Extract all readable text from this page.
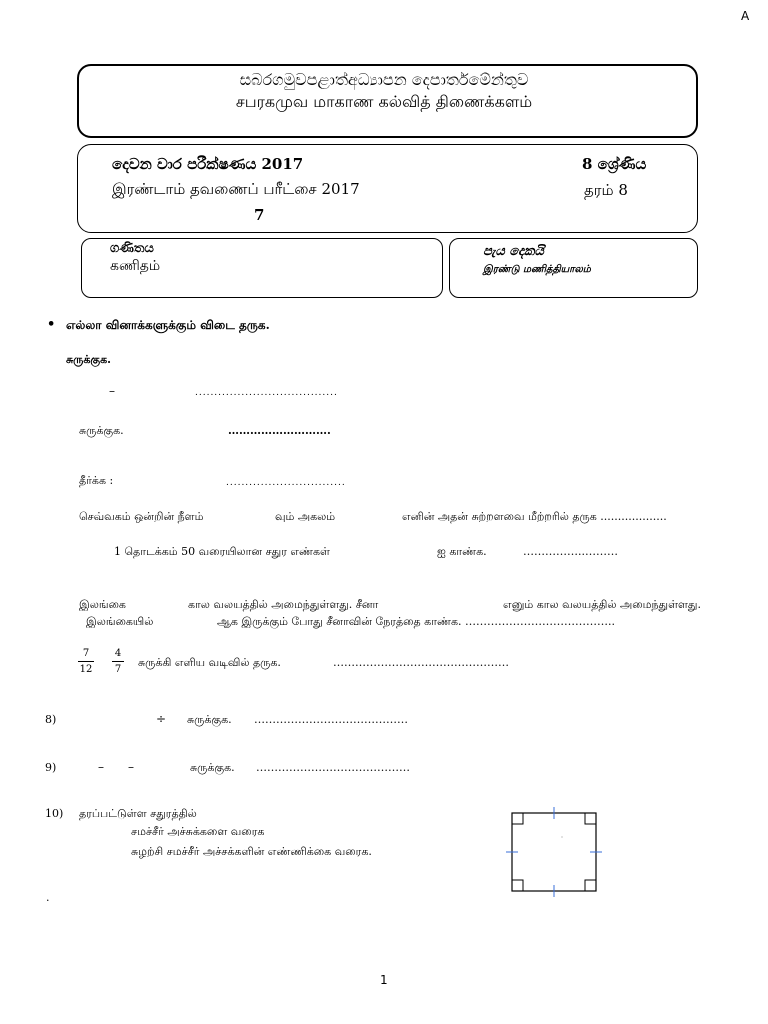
A
සබරගමුවපළාත්අධ්‍යාපන දෙපාර්තමේන්තුව
சபரகமுவ மாகாண கல்வித் திணைக்களம்
දෙවන වාර පරීක්ෂණය 2017
இரண்டாம் தவணைப் பரீட்சை 2017
7
8 ශ්‍රේණිය
தரம் 8
ගණිතය
கணிதம்
පැය දෙකයි
இரண்டு மணித்தியாலம்
• எல்லா வினாக்களுக்கும் விடை தருக.
சுருக்குக.
–	.....................................
சுருக்குக.	……………………….
தீர்க்க :	...............................
செவ்வகம் ஒன்றின் நீளம்	வும் அகலம்	எனின் அதன் சுற்றளவை மீற்றரில் தருக ...................
1 தொடக்கம் 50 வரையிலான சதுர எண்கள்	ஐ காண்க.	……………..………
இலங்கை	கால வலயத்தில் அமைந்துள்ளது. சீனா	எனும் கால வலயத்தில் அமைந்துள்ளது.
இலங்கையில்	ஆக இருக்கும் போது சீனாவின் நேரத்தை காண்க. …………………………………..
7
12
4
7
சுருக்கி எளிய வடிவில் தருக.	…………………………………………
8)	÷ சுருக்குக. ……………………………………
9)	– –	சுருக்குக. ……………………………………
10) தரப்பட்டுள்ள சதுரத்தில்
சமச்சீர் அச்சுக்களை வரைக
சுழற்சி சமச்சீர் அச்சக்களின் எண்ணிக்கை வரைக.
.
1
